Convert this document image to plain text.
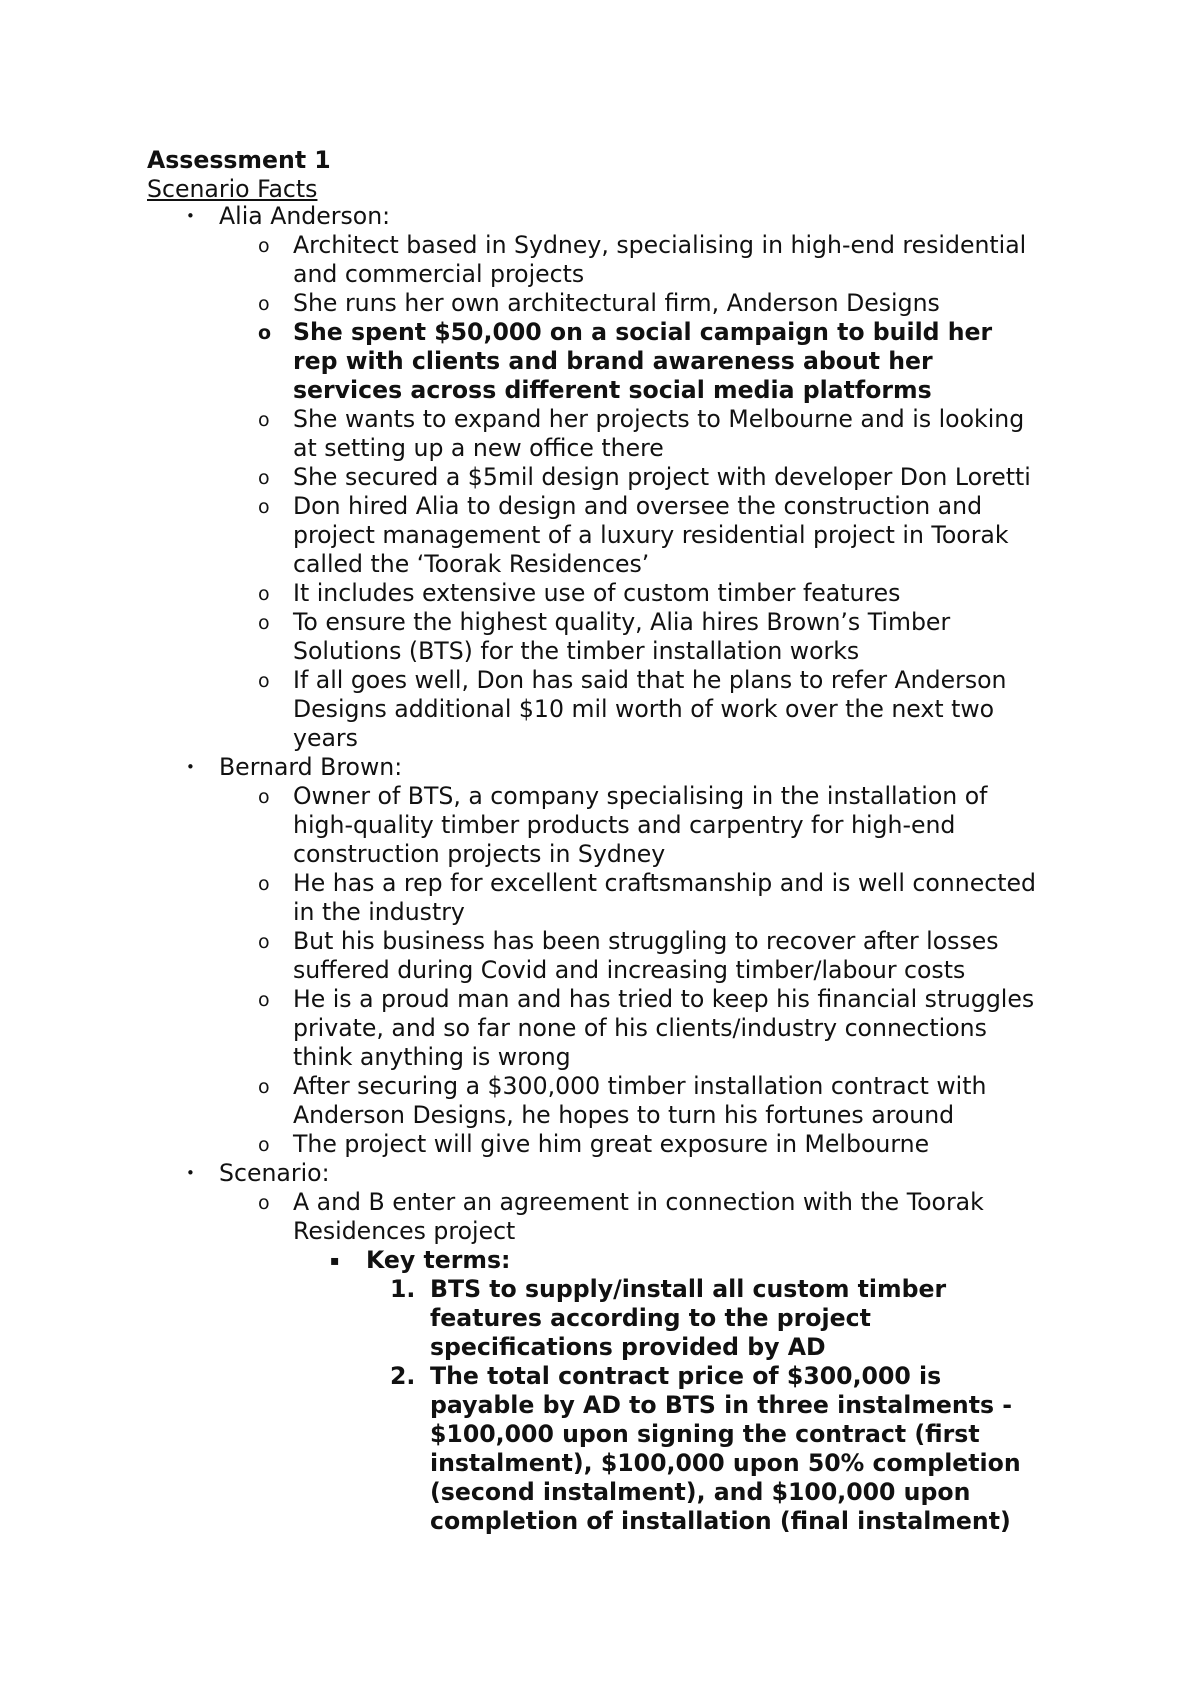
Assessment 1
Scenario Facts
• Alia Anderson:
o Architect based in Sydney, specialising in high-end residential
and commercial projects
o She runs her own architectural firm, Anderson Designs
o She spent $50,000 on a social campaign to build her
rep with clients and brand awareness about her
services across different social media platforms
o She wants to expand her projects to Melbourne and is looking
at setting up a new office there
o She secured a $5mil design project with developer Don Loretti
o Don hired Alia to design and oversee the construction and
project management of a luxury residential project in Toorak
called the ‘Toorak Residences’
o It includes extensive use of custom timber features
o To ensure the highest quality, Alia hires Brown’s Timber
Solutions (BTS) for the timber installation works
o If all goes well, Don has said that he plans to refer Anderson
Designs additional $10 mil worth of work over the next two
years
• Bernard Brown:
o Owner of BTS, a company specialising in the installation of
high-quality timber products and carpentry for high-end
construction projects in Sydney
o He has a rep for excellent craftsmanship and is well connected
in the industry
o But his business has been struggling to recover after losses
suffered during Covid and increasing timber/labour costs
o He is a proud man and has tried to keep his financial struggles
private, and so far none of his clients/industry connections
think anything is wrong
o After securing a $300,000 timber installation contract with
Anderson Designs, he hopes to turn his fortunes around
o The project will give him great exposure in Melbourne
• Scenario:
o A and B enter an agreement in connection with the Toorak
Residences project
▪ Key terms:
1. BTS to supply/install all custom timber
features according to the project
specifications provided by AD
2. The total contract price of $300,000 is
payable by AD to BTS in three instalments -
$100,000 upon signing the contract (first
instalment), $100,000 upon 50% completion
(second instalment), and $100,000 upon
completion of installation (final instalment)
